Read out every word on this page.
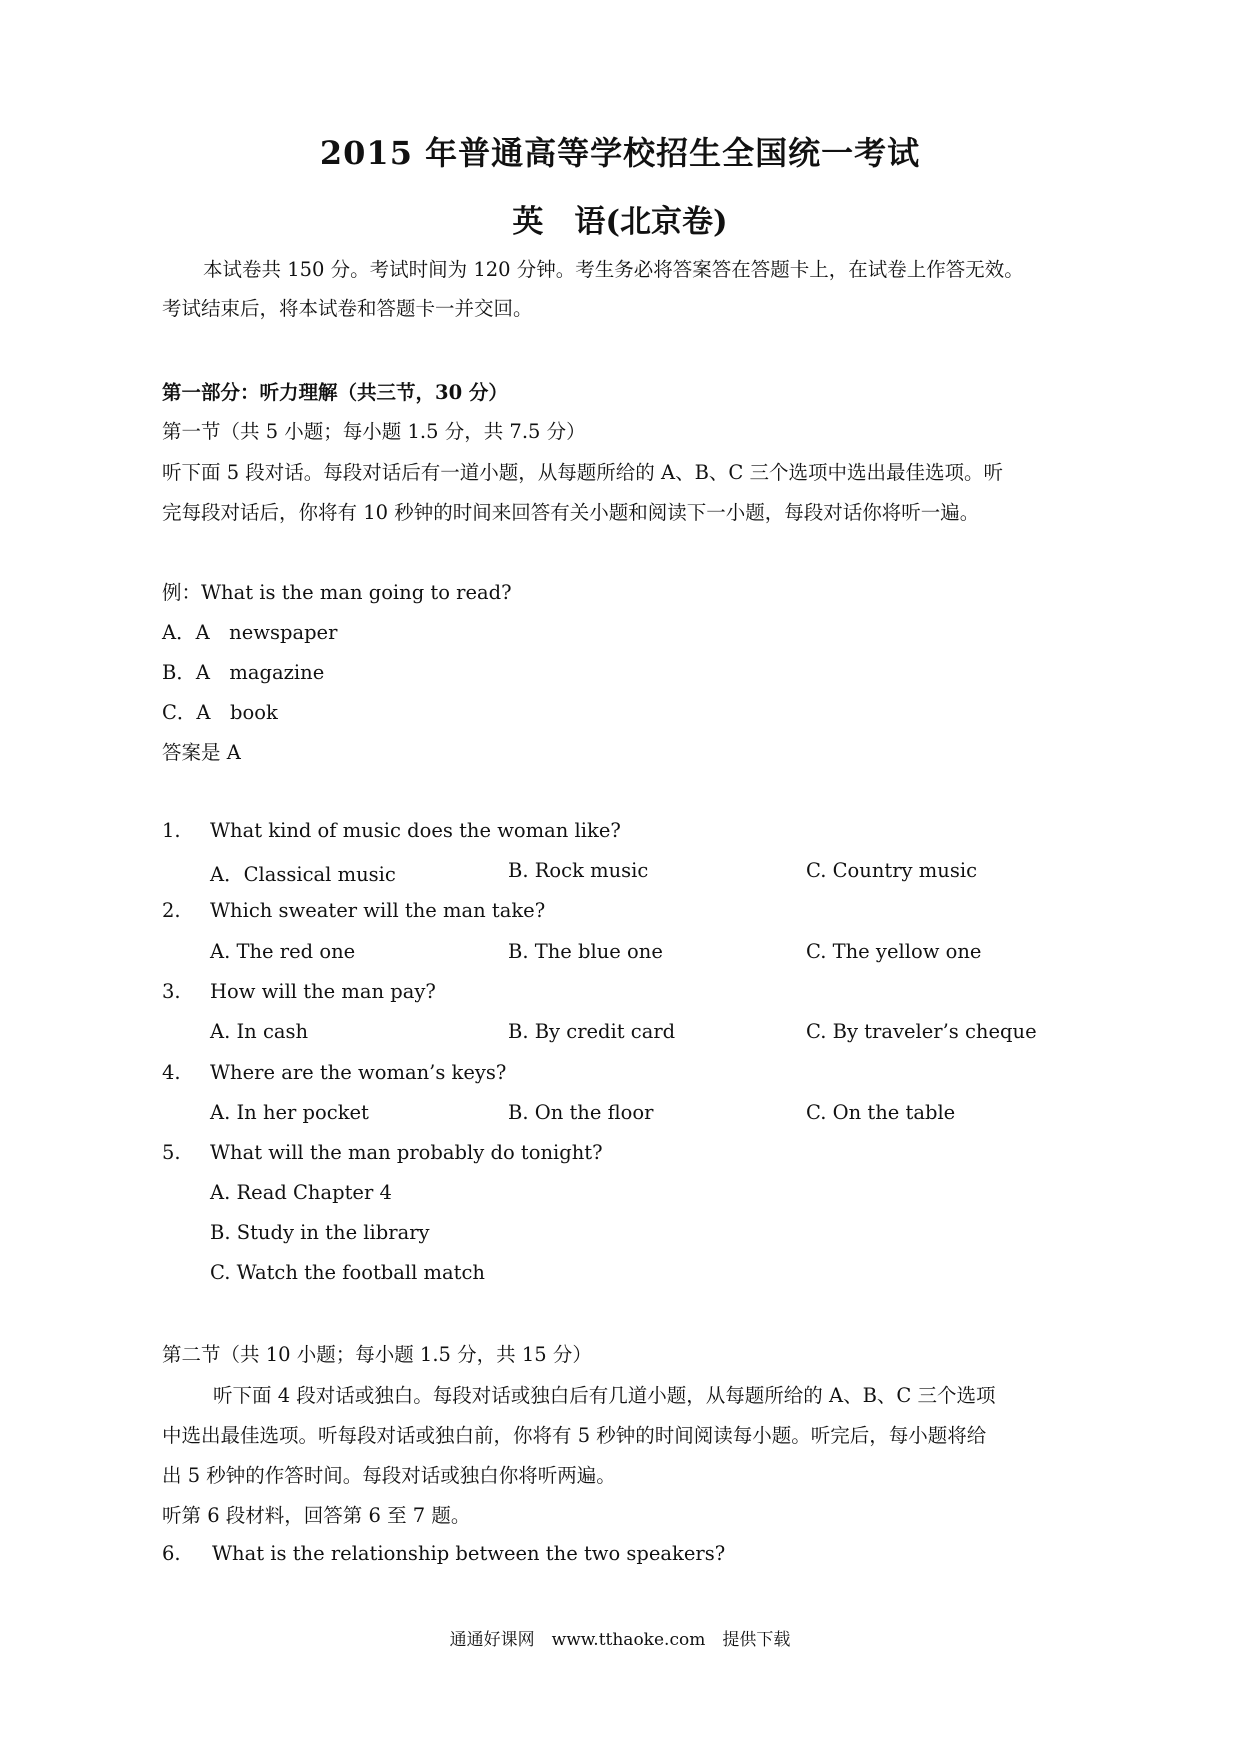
2015 年普通高等学校招生全国统一考试
英　语(北京卷)
本试卷共 150 分。考试时间为 120 分钟。考生务必将答案答在答题卡上，在试卷上作答无效。
考试结束后，将本试卷和答题卡一并交回。
第一部分：听力理解（共三节，30 分）
第一节（共 5 小题；每小题 1.5 分，共 7.5 分）
听下面 5 段对话。每段对话后有一道小题，从每题所给的 A、B、C 三个选项中选出最佳选项。听
完每段对话后，你将有 10 秒钟的时间来回答有关小题和阅读下一小题，每段对话你将听一遍。
例：What is the man going to read?
A．A　newspaper
B．A　magazine
C．A　book
答案是 A
1. What kind of music does the woman like?
A．Classical music	B. Rock music	C. Country music
2. Which sweater will the man take?
A. The red one	B. The blue one	C. The yellow one
3. How will the man pay?
A. In cash	B. By credit card	C. By traveler’s cheque
4. Where are the woman’s keys?
A. In her pocket	B. On the floor	C. On the table
5. What will the man probably do tonight?
A. Read Chapter 4
B. Study in the library
C. Watch the football match
第二节（共 10 小题；每小题 1.5 分，共 15 分）
听下面 4 段对话或独白。每段对话或独白后有几道小题，从每题所给的 A、B、C 三个选项
中选出最佳选项。听每段对话或独白前，你将有 5 秒钟的时间阅读每小题。听完后，每小题将给
出 5 秒钟的作答时间。每段对话或独白你将听两遍。
听第 6 段材料，回答第 6 至 7 题。
6. What is the relationship between the two speakers?
通通好课网　www.tthaoke.com　提供下载
